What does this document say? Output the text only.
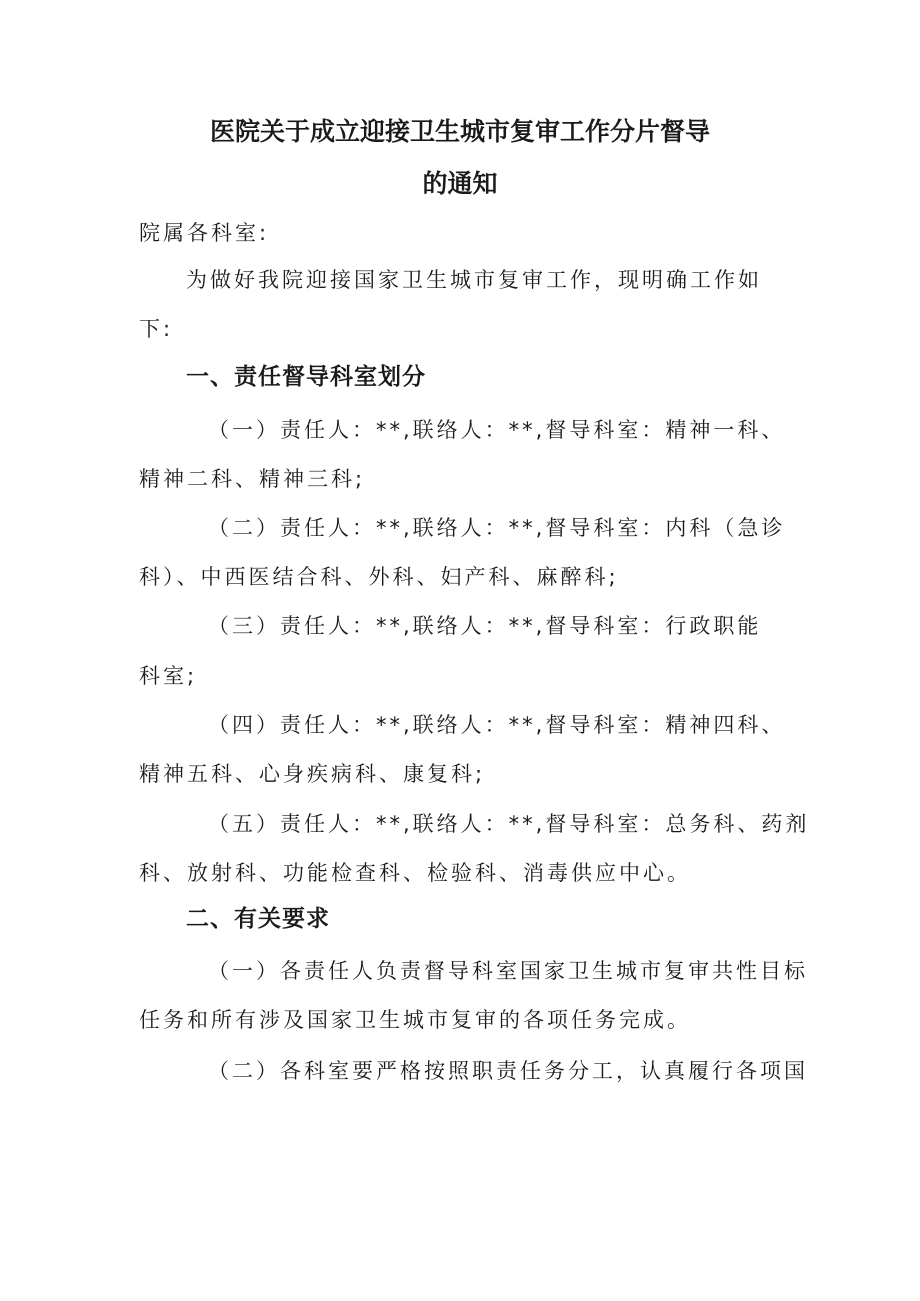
医院关于成立迎接卫生城市复审工作分片督导
的通知
院属各科室:
为做好我院迎接国家卫生城市复审工作，现明确工作如
下:
一、责任督导科室划分
（一）责任人：**,联络人：**,督导科室：精神一科、
精神二科、精神三科;
（二）责任人：**,联络人：**,督导科室：内科（急诊
科）、中西医结合科、外科、妇产科、麻醉科;
（三）责任人：**,联络人：**,督导科室：行政职能
科室;
（四）责任人：**,联络人：**,督导科室：精神四科、
精神五科、心身疾病科、康复科;
（五）责任人：**,联络人：**,督导科室：总务科、药剂
科、放射科、功能检查科、检验科、消毒供应中心。
二、有关要求
（一）各责任人负责督导科室国家卫生城市复审共性目标
任务和所有涉及国家卫生城市复审的各项任务完成。
（二）各科室要严格按照职责任务分工，认真履行各项国
